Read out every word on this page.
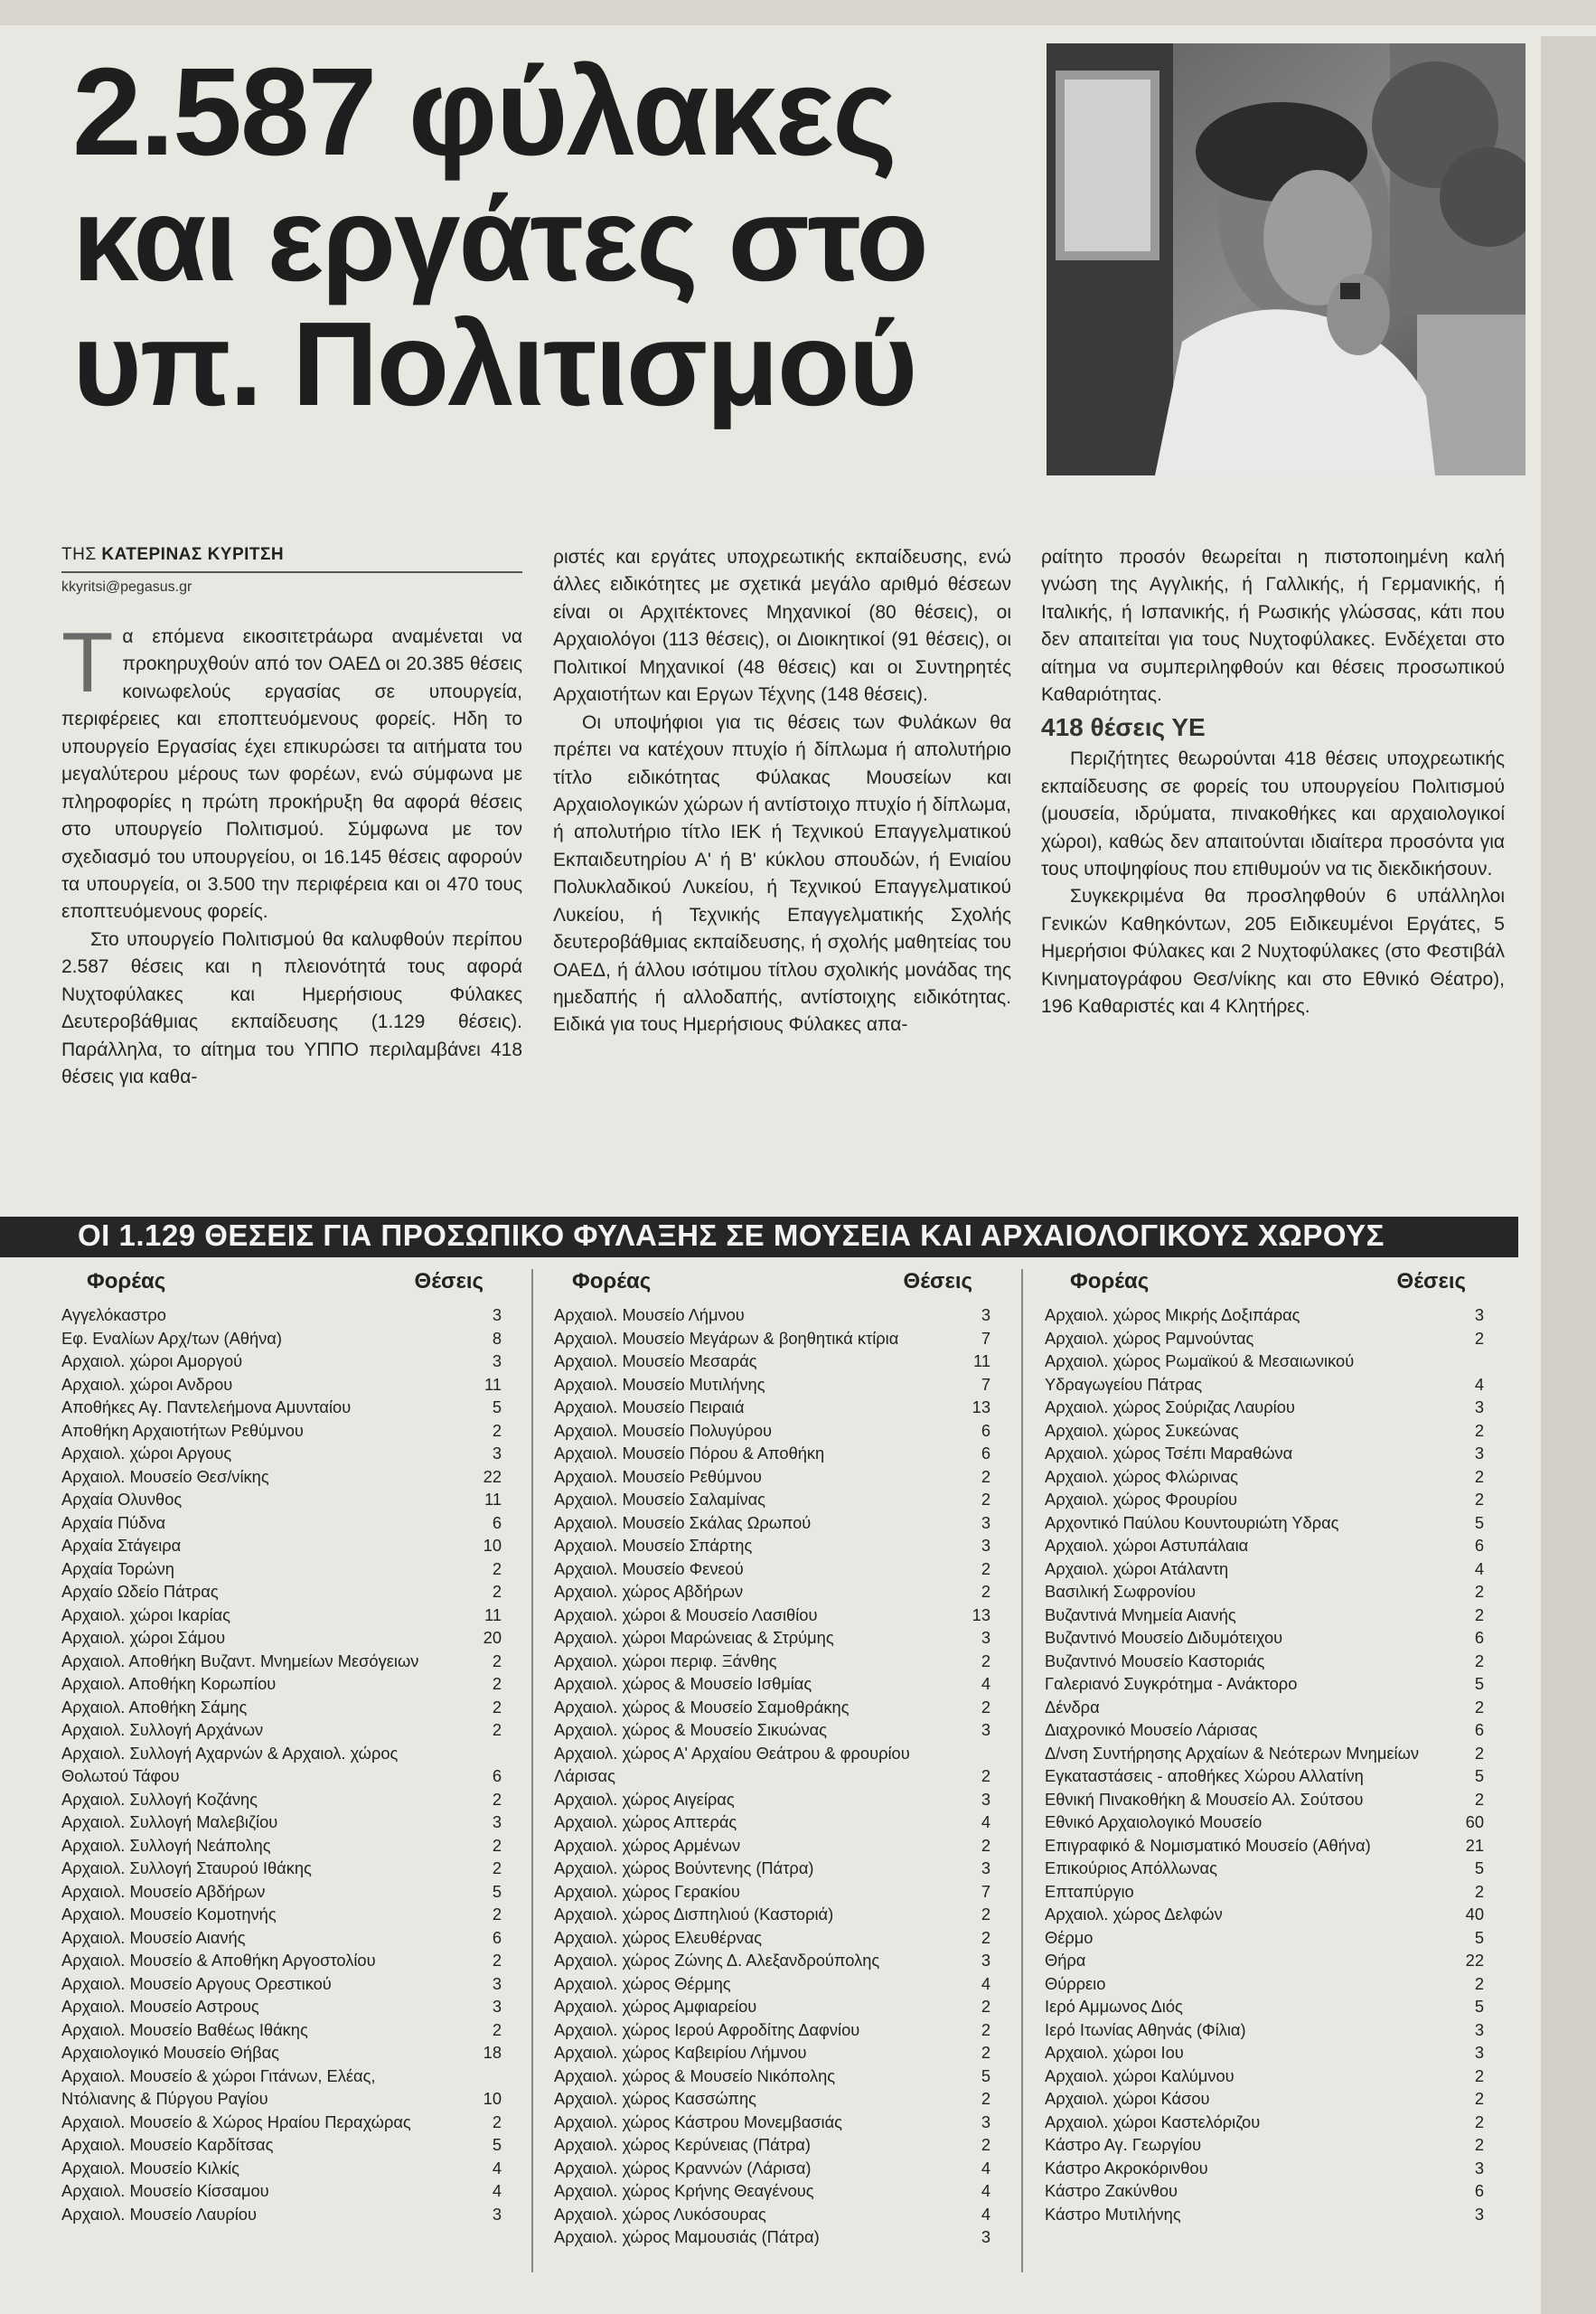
2.587 φύλακες
και εργάτες στο
υπ. Πολιτισμού
ΤΗΣ ΚΑΤΕΡΙΝΑΣ ΚΥΡΙΤΣΗ
kkyritsi@pegasus.gr

Τα επόμενα εικοσιτετράωρα αναμένεται να προκηρυχθούν από τον ΟΑΕΔ οι 20.385 θέσεις κοινωφελούς εργασίας σε υπουργεία, περιφέρειες και εποπτευόμενους φορείς. Ηδη το υπουργείο Εργασίας έχει επικυρώσει τα αιτήματα του μεγαλύτερου μέρους των φορέων, ενώ σύμφωνα με πληροφορίες η πρώτη προκήρυξη θα αφορά θέσεις στο υπουργείο Πολιτισμού. Σύμφωνα με τον σχεδιασμό του υπουργείου, οι 16.145 θέσεις αφορούν τα υπουργεία, οι 3.500 την περιφέρεια και οι 470 τους εποπτευόμενους φορείς.

Στο υπουργείο Πολιτισμού θα καλυφθούν περίπου 2.587 θέσεις και η πλειονότητά τους αφορά Νυχτοφύλακες και Ημερήσιους Φύλακες Δευτεροβάθμιας εκπαίδευσης (1.129 θέσεις). Παράλληλα, το αίτημα του ΥΠΠΟ περιλαμβάνει 418 θέσεις για καθα-

ριστές και εργάτες υποχρεωτικής εκπαίδευσης, ενώ άλλες ειδικότητες με σχετικά μεγάλο αριθμό θέσεων είναι οι Αρχιτέκτονες Μηχανικοί (80 θέσεις), οι Αρχαιολόγοι (113 θέσεις), οι Διοικητικοί (91 θέσεις), οι Πολιτικοί Μηχανικοί (48 θέσεις) και οι Συντηρητές Αρχαιοτήτων και Εργων Τέχνης (148 θέσεις).

Οι υποψήφιοι για τις θέσεις των Φυλάκων θα πρέπει να κατέχουν πτυχίο ή δίπλωμα ή απολυτήριο τίτλο ειδικότητας Φύλακας Μουσείων και Αρχαιολογικών χώρων ή αντίστοιχο πτυχίο ή δίπλωμα, ή απολυτήριο τίτλο ΙΕΚ ή Τεχνικού Επαγγελματικού Εκπαιδευτηρίου Α' ή Β' κύκλου σπουδών, ή Ενιαίου Πολυκλαδικού Λυκείου, ή Τεχνικού Επαγγελματικού Λυκείου, ή Τεχνικής Επαγγελματικής Σχολής δευτεροβάθμιας εκπαίδευσης, ή σχολής μαθητείας του ΟΑΕΔ, ή άλλου ισότιμου τίτλου σχολικής μονάδας της ημεδαπής ή αλλοδαπής, αντίστοιχης ειδικότητας. Ειδικά για τους Ημερήσιους Φύλακες απα-

ραίτητο προσόν θεωρείται η πιστοποιημένη καλή γνώση της Αγγλικής, ή Γαλλικής, ή Γερμανικής, ή Ιταλικής, ή Ισπανικής, ή Ρωσικής γλώσσας, κάτι που δεν απαιτείται για τους Νυχτοφύλακες. Ενδέχεται στο αίτημα να συμπεριληφθούν και θέσεις προσωπικού Καθαριότητας.

418 θέσεις ΥΕ

Περιζήτητες θεωρούνται 418 θέσεις υποχρεωτικής εκπαίδευσης σε φορείς του υπουργείου Πολιτισμού (μουσεία, ιδρύματα, πινακοθήκες και αρχαιολογικοί χώροι), καθώς δεν απαιτούνται ιδιαίτερα προσόντα για τους υποψηφίους που επιθυμούν να τις διεκδικήσουν.

Συγκεκριμένα θα προσληφθούν 6 υπάλληλοι Γενικών Καθηκόντων, 205 Ειδικευμένοι Εργάτες, 5 Ημερήσιοι Φύλακες και 2 Νυχτοφύλακες (στο Φεστιβάλ Κινηματογράφου Θεσ/νίκης και στο Εθνικό Θέατρο), 196 Καθαριστές και 4 Κλητήρες.

ΟΙ 1.129 ΘΕΣΕΙΣ ΓΙΑ ΠΡΟΣΩΠΙΚΟ ΦΥΛΑΞΗΣ ΣΕ ΜΟΥΣΕΙΑ ΚΑΙ ΑΡΧΑΙΟΛΟΓΙΚΟΥΣ ΧΩΡΟΥΣ
Φορέας	Θέσεις
Αγγελόκαστρο	3
Εφ. Εναλίων Αρχ/των (Αθήνα)	8
Αρχαιολ. χώροι Αμοργού	3
Αρχαιολ. χώροι Ανδρου	11
Αποθήκες Αγ. Παντελεήμονα Αμυνταίου	5
Αποθήκη Αρχαιοτήτων Ρεθύμνου	2
Αρχαιολ. χώροι Αργους	3
Αρχαιολ. Μουσείο Θεσ/νίκης	22
Αρχαία Ολυνθος	11
Αρχαία Πύδνα	6
Αρχαία Στάγειρα	10
Αρχαία Τορώνη	2
Αρχαίο Ωδείο Πάτρας	2
Αρχαιολ. χώροι Ικαρίας	11
Αρχαιολ. χώροι Σάμου	20
Αρχαιολ. Αποθήκη Βυζαντ. Μνημείων Μεσόγειων	2
Αρχαιολ. Αποθήκη Κορωπίου	2
Αρχαιολ. Αποθήκη Σάμης	2
Αρχαιολ. Συλλογή Αρχάνων	2
Αρχαιολ. Συλλογή Αχαρνών & Αρχαιολ. χώρος Θολωτού Τάφου	6
Αρχαιολ. Συλλογή Κοζάνης	2
Αρχαιολ. Συλλογή Μαλεβιζίου	3
Αρχαιολ. Συλλογή Νεάπολης	2
Αρχαιολ. Συλλογή Σταυρού Ιθάκης	2
Αρχαιολ. Μουσείο Αβδήρων	5
Αρχαιολ. Μουσείο Κομοτηνής	2
Αρχαιολ. Μουσείο Αιανής	6
Αρχαιολ. Μουσείο & Αποθήκη Αργοστολίου	2
Αρχαιολ. Μουσείο Αργους Ορεστικού	3
Αρχαιολ. Μουσείο Αστρους	3
Αρχαιολ. Μουσείο Βαθέως Ιθάκης	2
Αρχαιολογικό Μουσείο Θήβας	18
Αρχαιολ. Μουσείο & χώροι Γιτάνων, Ελέας, Ντόλιανης & Πύργου Ραγίου	10
Αρχαιολ. Μουσείο & Χώρος Ηραίου Περαχώρας	2
Αρχαιολ. Μουσείο Καρδίτσας	5
Αρχαιολ. Μουσείο Κιλκίς	4
Αρχαιολ. Μουσείο Κίσσαμου	4
Αρχαιολ. Μουσείο Λαυρίου	3
Φορέας	Θέσεις
Αρχαιολ. Μουσείο Λήμνου	3
Αρχαιολ. Μουσείο Μεγάρων & βοηθητικά κτίρια	7
Αρχαιολ. Μουσείο Μεσαράς	11
Αρχαιολ. Μουσείο Μυτιλήνης	7
Αρχαιολ. Μουσείο Πειραιά	13
Αρχαιολ. Μουσείο Πολυγύρου	6
Αρχαιολ. Μουσείο Πόρου & Αποθήκη	6
Αρχαιολ. Μουσείο Ρεθύμνου	2
Αρχαιολ. Μουσείο Σαλαμίνας	2
Αρχαιολ. Μουσείο Σκάλας Ωρωπού	3
Αρχαιολ. Μουσείο Σπάρτης	3
Αρχαιολ. Μουσείο Φενεού	2
Αρχαιολ. χώρος Αβδήρων	2
Αρχαιολ. χώροι & Μουσείο Λασιθίου	13
Αρχαιολ. χώροι Μαρώνειας & Στρύμης	3
Αρχαιολ. χώροι περιφ. Ξάνθης	2
Αρχαιολ. χώρος & Μουσείο Ισθμίας	4
Αρχαιολ. χώρος & Μουσείο Σαμοθράκης	2
Αρχαιολ. χώρος & Μουσείο Σικυώνας	3
Αρχαιολ. χώρος Α' Αρχαίου Θεάτρου & φρουρίου Λάρισας	2
Αρχαιολ. χώρος Αιγείρας	3
Αρχαιολ. χώρος Απτεράς	4
Αρχαιολ. χώρος Αρμένων	2
Αρχαιολ. χώρος Βούντενης (Πάτρα)	3
Αρχαιολ. χώρος Γερακίου	7
Αρχαιολ. χώρος Δισπηλιού (Καστοριά)	2
Αρχαιολ. χώρος Ελευθέρνας	2
Αρχαιολ. χώρος Ζώνης Δ. Αλεξανδρούπολης	3
Αρχαιολ. χώρος Θέρμης	4
Αρχαιολ. χώρος Αμφιαρείου	2
Αρχαιολ. χώρος Ιερού Αφροδίτης Δαφνίου	2
Αρχαιολ. χώρος Καβειρίου Λήμνου	2
Αρχαιολ. χώρος & Μουσείο Νικόπολης	5
Αρχαιολ. χώρος Κασσώπης	2
Αρχαιολ. χώρος Κάστρου Μονεμβασιάς	3
Αρχαιολ. χώρος Κερύνειας (Πάτρα)	2
Αρχαιολ. χώρος Κραννών (Λάρισα)	4
Αρχαιολ. χώρος Κρήνης Θεαγένους	4
Αρχαιολ. χώρος Λυκόσουρας	4
Αρχαιολ. χώρος Μαμουσιάς (Πάτρα)	3
Φορέας	Θέσεις
Αρχαιολ. χώρος Μικρής Δοξιπάρας	3
Αρχαιολ. χώρος Ραμνούντας	2
Αρχαιολ. χώρος Ρωμαϊκού & Μεσαιωνικού Υδραγωγείου Πάτρας	4
Αρχαιολ. χώρος Σούριζας Λαυρίου	3
Αρχαιολ. χώρος Συκεώνας	2
Αρχαιολ. χώρος Τσέπι Μαραθώνα	3
Αρχαιολ. χώρος Φλώρινας	2
Αρχαιολ. χώρος Φρουρίου	2
Αρχοντικό Παύλου Κουντουριώτη Υδρας	5
Αρχαιολ. χώροι Αστυπάλαια	6
Αρχαιολ. χώροι Ατάλαντη	4
Βασιλική Σωφρονίου	2
Βυζαντινά Μνημεία Αιανής	2
Βυζαντινό Μουσείο Διδυμότειχου	6
Βυζαντινό Μουσείο Καστοριάς	2
Γαλεριανό Συγκρότημα - Ανάκτορο	5
Δένδρα	2
Διαχρονικό Μουσείο Λάρισας	6
Δ/νση Συντήρησης Αρχαίων & Νεότερων Μνημείων	2
Εγκαταστάσεις - αποθήκες Χώρου Αλλατίνη	5
Εθνική Πινακοθήκη & Μουσείο Αλ. Σούτσου	2
Εθνικό Αρχαιολογικό Μουσείο	60
Επιγραφικό & Νομισματικό Μουσείο (Αθήνα)	21
Επικούριος Απόλλωνας	5
Επταπύργιο	2
Αρχαιολ. χώρος Δελφών	40
Θέρμο	5
Θήρα	22
Θύρρειο	2
Ιερό Αμμωνος Διός	5
Ιερό Ιτωνίας Αθηνάς (Φίλια)	3
Αρχαιολ. χώροι Ιου	3
Αρχαιολ. χώροι Καλύμνου	2
Αρχαιολ. χώροι Κάσου	2
Αρχαιολ. χώροι Καστελόριζου	2
Κάστρο Αγ. Γεωργίου	2
Κάστρο Ακροκόρινθου	3
Κάστρο Ζακύνθου	6
Κάστρο Μυτιλήνης	3
